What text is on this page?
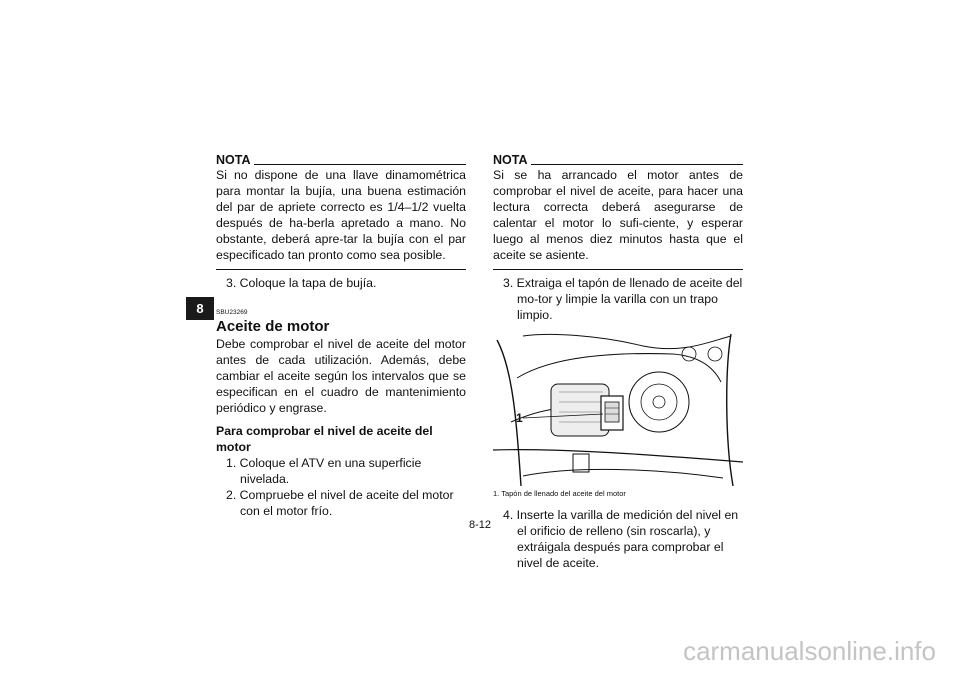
8
NOTA

Si no dispone de una llave dinamométrica para montar la bujía, una buena estimación del par de apriete correcto es 1/4–1/2 vuelta después de ha-berla apretado a mano. No obstante, deberá apre-tar la bujía con el par especificado tan pronto como sea posible.

3. Coloque la tapa de bujía.

SBU23269
Aceite de motor

Debe comprobar el nivel de aceite del motor antes de cada utilización. Además, debe cambiar el aceite según los intervalos que se especifican en el cuadro de mantenimiento periódico y engrase.

Para comprobar el nivel de aceite del motor

1. Coloque el ATV en una superficie nivelada.

2. Compruebe el nivel de aceite del motor con el motor frío.

NOTA

Si se ha arrancado el motor antes de comprobar el nivel de aceite, para hacer una lectura correcta deberá asegurarse de calentar el motor lo sufi-ciente, y esperar luego al menos diez minutos hasta que el aceite se asiente.

3. Extraiga el tapón de llenado de aceite del mo-tor y limpie la varilla con un trapo limpio.

1
1. Tapón de llenado del aceite del motor

4. Inserte la varilla de medición del nivel en el orificio de relleno (sin roscarla), y extráigala después para comprobar el nivel de aceite.

8-12
carmanualsonline.info
